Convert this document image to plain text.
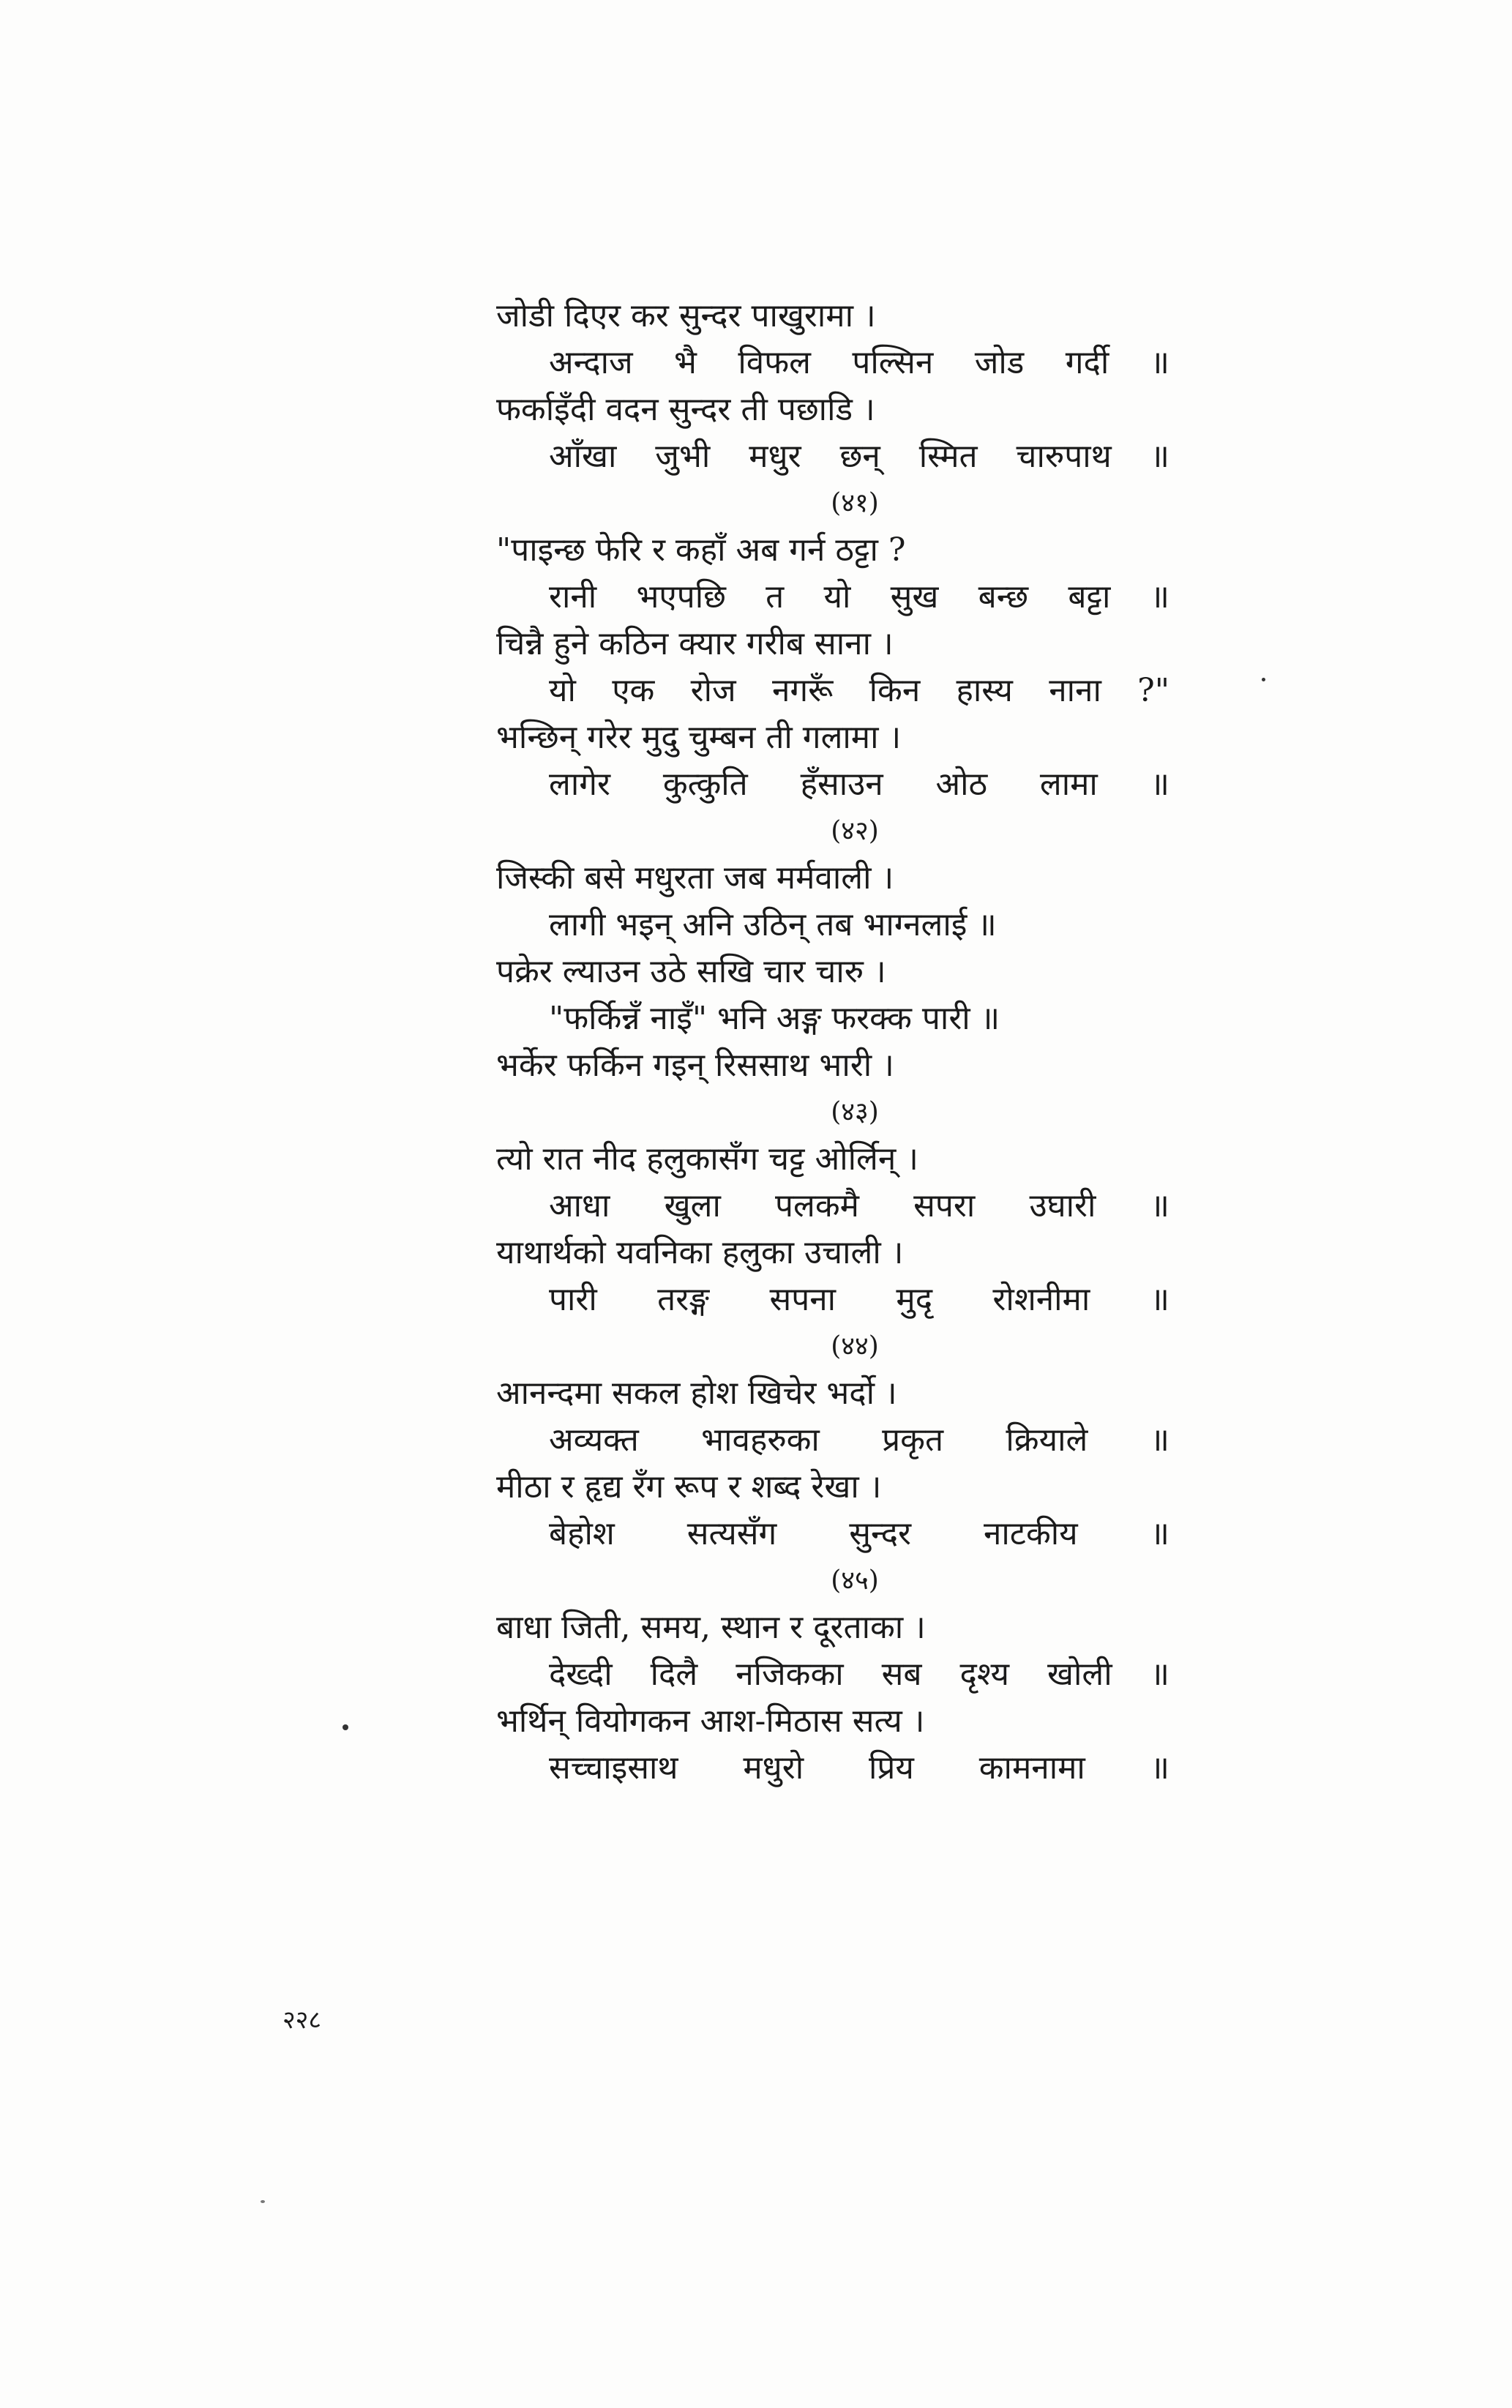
जोडी दिएर कर सुन्दर पाखुरामा ।
अन्दाज भै विफल पल्सिन जोड गर्दी ॥
फर्काइँदी वदन सुन्दर ती पछाडि ।
आँखा जुभी मधुर छन् स्मित चारुपाथ ॥
(४१)
"पाइन्छ फेरि र कहाँ अब गर्न ठट्टा ?
रानी भएपछि त यो सुख बन्छ बट्टा ॥
चिन्नै हुने कठिन क्यार गरीब साना ।
यो एक रोज नगरूँ किन हास्य नाना ?"
भन्छिन् गरेर मुदु चुम्बन ती गलामा ।
लागेर कुत्कुति हँसाउन ओठ लामा ॥
(४२)
जिस्की बसे मधुरता जब मर्मवाली ।
लागी भइन् अनि उठिन् तब भाग्नलाई ॥
पक्रेर ल्याउन उठे सखि चार चारु ।
"फर्किन्नँ नाइँ" भनि अङ्ग फरक्क पारी ॥
भर्केर फर्किन गइन् रिससाथ भारी ।
(४३)
त्यो रात नीद हलुकासँग चट्ट ओर्लिन् ।
आधा खुला पलकमै सपरा उघारी ॥
याथार्थको यवनिका हलुका उचाली ।
पारी तरङ्ग सपना मुदृ रोशनीमा ॥
(४४)
आनन्दमा सकल होश खिचेर भर्दो ।
अव्यक्त भावहरुका प्रकृत क्रियाले ॥
मीठा र हृद्य रँग रूप र शब्द रेखा ।
बेहोश सत्यसँग सुन्दर नाटकीय ॥
(४५)
बाधा जिती, समय, स्थान र दूरताका ।
देख्दी दिलै नजिकका सब दृश्य खोली ॥
भर्थिन् वियोगकन आश-मिठास सत्य ।
सच्चाइसाथ मधुरो प्रिय कामनामा ॥
२२८
